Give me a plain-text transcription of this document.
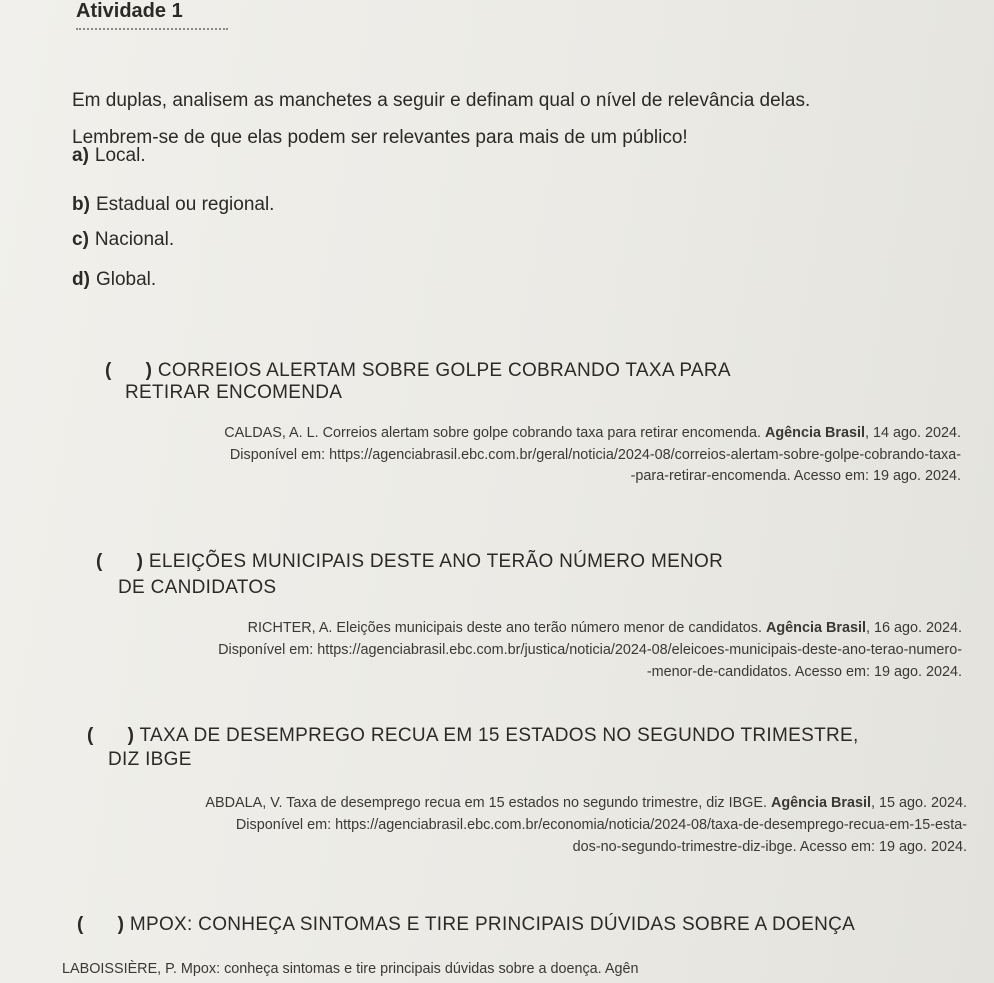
Atividade 1
Em duplas, analisem as manchetes a seguir e definam qual o nível de relevância delas.
Lembrem-se de que elas podem ser relevantes para mais de um público!
a) Local.
b) Estadual ou regional.
c) Nacional.
d) Global.
( ) CORREIOS ALERTAM SOBRE GOLPE COBRANDO TAXA PARA
RETIRAR ENCOMENDA
CALDAS, A. L. Correios alertam sobre golpe cobrando taxa para retirar encomenda. Agência Brasil, 14 ago. 2024.
Disponível em: https://agenciabrasil.ebc.com.br/geral/noticia/2024-08/correios-alertam-sobre-golpe-cobrando-taxa-
-para-retirar-encomenda. Acesso em: 19 ago. 2024.
( ) ELEIÇÕES MUNICIPAIS DESTE ANO TERÃO NÚMERO MENOR
DE CANDIDATOS
RICHTER, A. Eleições municipais deste ano terão número menor de candidatos. Agência Brasil, 16 ago. 2024.
Disponível em: https://agenciabrasil.ebc.com.br/justica/noticia/2024-08/eleicoes-municipais-deste-ano-terao-numero-
-menor-de-candidatos. Acesso em: 19 ago. 2024.
( ) TAXA DE DESEMPREGO RECUA EM 15 ESTADOS NO SEGUNDO TRIMESTRE,
DIZ IBGE
ABDALA, V. Taxa de desemprego recua em 15 estados no segundo trimestre, diz IBGE. Agência Brasil, 15 ago. 2024.
Disponível em: https://agenciabrasil.ebc.com.br/economia/noticia/2024-08/taxa-de-desemprego-recua-em-15-esta-
dos-no-segundo-trimestre-diz-ibge. Acesso em: 19 ago. 2024.
( ) MPOX: CONHEÇA SINTOMAS E TIRE PRINCIPAIS DÚVIDAS SOBRE A DOENÇA
LABOISSIÈRE, P. Mpox: conheça sintomas e tire principais dúvidas sobre a doença. Agên
